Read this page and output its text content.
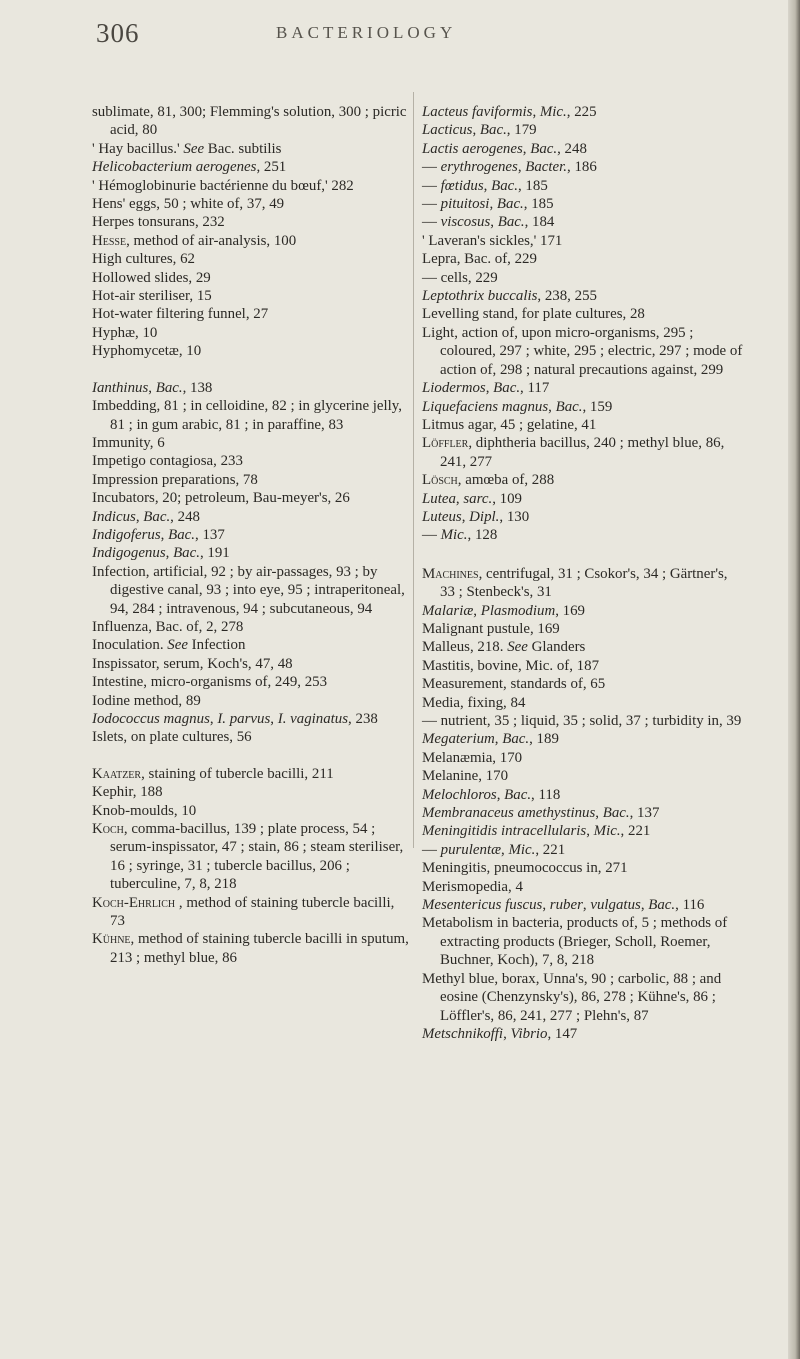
306	BACTERIOLOGY

sublimate, 81, 300; Flemming's solution, 300 ; picric acid, 80

' Hay bacillus.' See Bac. subtilis

Helicobacterium aerogenes, 251

' Hémoglobinurie bactérienne du bœuf,' 282

Hens' eggs, 50 ; white of, 37, 49

Herpes tonsurans, 232

Hesse, method of air-analysis, 100

High cultures, 62

Hollowed slides, 29

Hot-air steriliser, 15

Hot-water filtering funnel, 27

Hyphæ, 10

Hyphomycetæ, 10

Ianthinus, Bac., 138

Imbedding, 81 ; in celloidine, 82 ; in glycerine jelly, 81 ; in gum arabic, 81 ; in paraffine, 83

Immunity, 6

Impetigo contagiosa, 233

Impression preparations, 78

Incubators, 20; petroleum, Bau-meyer's, 26

Indicus, Bac., 248

Indigoferus, Bac., 137

Indigogenus, Bac., 191

Infection, artificial, 92 ; by air-passages, 93 ; by digestive canal, 93 ; into eye, 95 ; intraperitoneal, 94, 284 ; intravenous, 94 ; subcutaneous, 94

Influenza, Bac. of, 2, 278

Inoculation. See Infection

Inspissator, serum, Koch's, 47, 48

Intestine, micro-organisms of, 249, 253

Iodine method, 89

Iodococcus magnus, I. parvus, I. vaginatus, 238

Islets, on plate cultures, 56

Kaatzer, staining of tubercle bacilli, 211

Kephir, 188

Knob-moulds, 10

Koch, comma-bacillus, 139 ; plate process, 54 ; serum-inspissator, 47 ; stain, 86 ; steam steriliser, 16 ; syringe, 31 ; tubercle bacillus, 206 ; tuberculine, 7, 8, 218

Koch-Ehrlich , method of staining tubercle bacilli, 73

Kühne, method of staining tubercle bacilli in sputum, 213 ; methyl blue, 86

Lacteus faviformis, Mic., 225

Lacticus, Bac., 179

Lactis aerogenes, Bac., 248

— erythrogenes, Bacter., 186

— fœtidus, Bac., 185

— pituitosi, Bac., 185

— viscosus, Bac., 184

' Laveran's sickles,' 171

Lepra, Bac. of, 229

— cells, 229

Leptothrix buccalis, 238, 255

Levelling stand, for plate cultures, 28

Light, action of, upon micro-organisms, 295 ; coloured, 297 ; white, 295 ; electric, 297 ; mode of action of, 298 ; natural precautions against, 299

Liodermos, Bac., 117

Liquefaciens magnus, Bac., 159

Litmus agar, 45 ; gelatine, 41

Löffler, diphtheria bacillus, 240 ; methyl blue, 86, 241, 277

Lösch, amœba of, 288

Lutea, sarc., 109

Luteus, Dipl., 130

— Mic., 128

Machines, centrifugal, 31 ; Csokor's, 34 ; Gärtner's, 33 ; Stenbeck's, 31

Malariæ, Plasmodium, 169

Malignant pustule, 169

Malleus, 218. See Glanders

Mastitis, bovine, Mic. of, 187

Measurement, standards of, 65

Media, fixing, 84

— nutrient, 35 ; liquid, 35 ; solid, 37 ; turbidity in, 39

Megaterium, Bac., 189

Melanæmia, 170

Melanine, 170

Melochloros, Bac., 118

Membranaceus amethystinus, Bac., 137

Meningitidis intracellularis, Mic., 221

— purulentæ, Mic., 221

Meningitis, pneumococcus in, 271

Merismopedia, 4

Mesentericus fuscus, ruber, vulgatus, Bac., 116

Metabolism in bacteria, products of, 5 ; methods of extracting products (Brieger, Scholl, Roemer, Buchner, Koch), 7, 8, 218

Methyl blue, borax, Unna's, 90 ; carbolic, 88 ; and eosine (Chenzynsky's), 86, 278 ; Kühne's, 86 ; Löffler's, 86, 241, 277 ; Plehn's, 87

Metschnikoffi, Vibrio, 147
